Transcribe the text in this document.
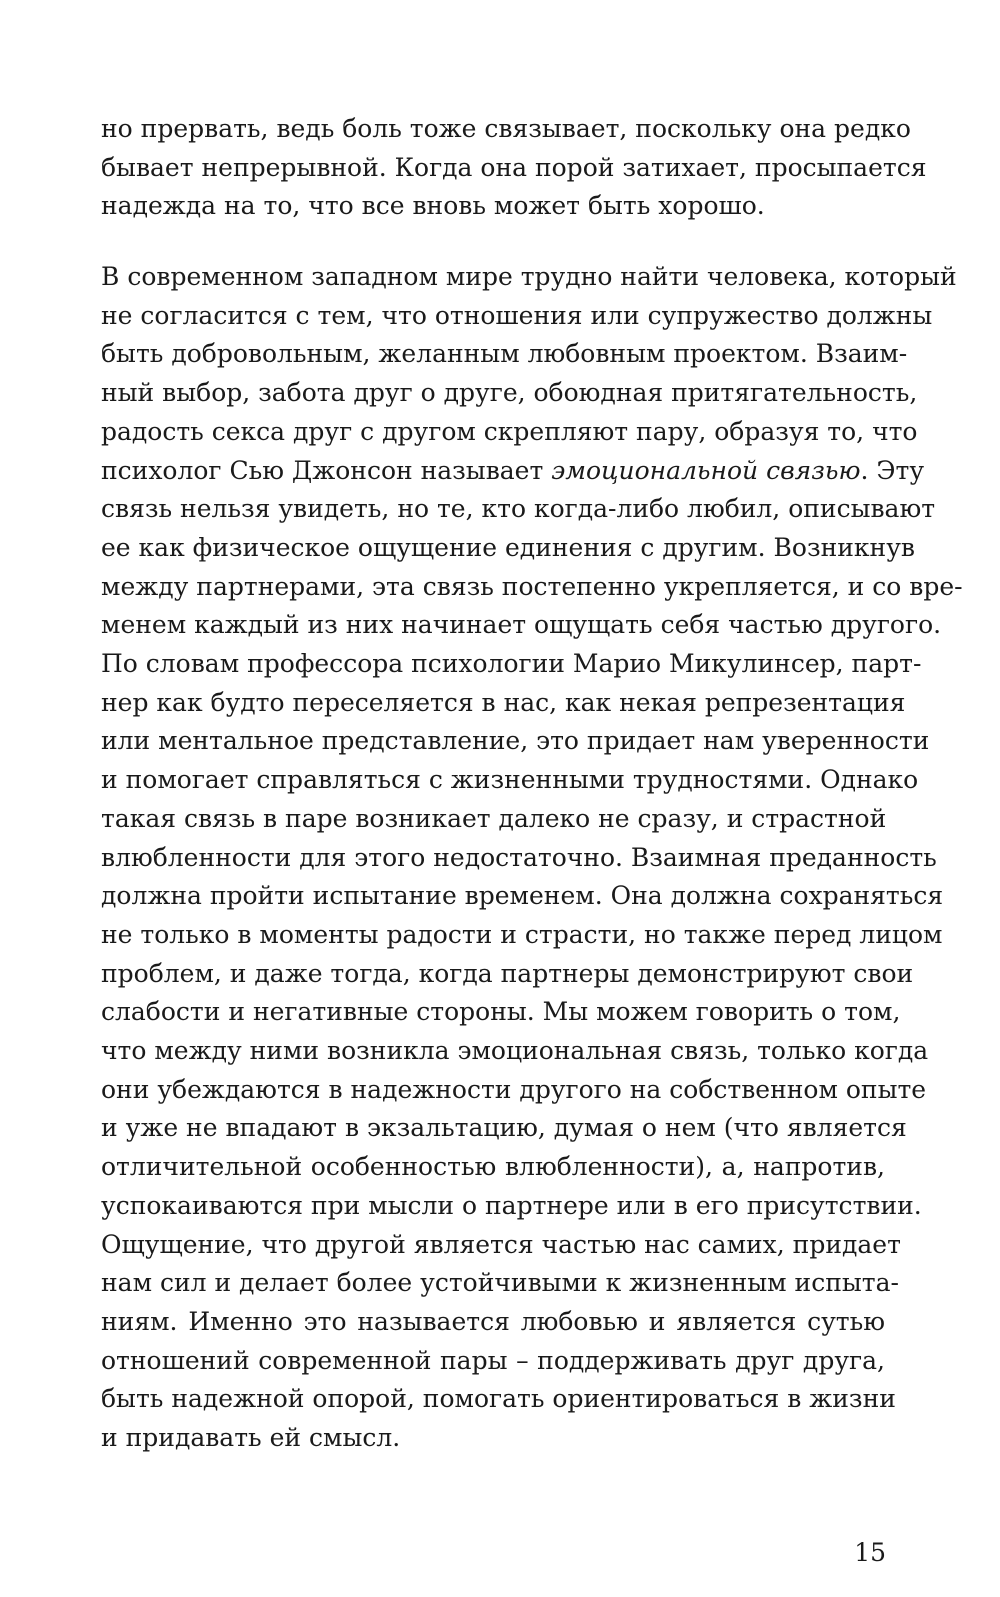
но прервать, ведь боль тоже связывает, поскольку она редко
бывает непрерывной. Когда она порой затихает, просыпается
надежда на то, что все вновь может быть хорошо.
В современном западном мире трудно найти человека, который
не согласится с тем, что отношения или супружество должны
быть добровольным, желанным любовным проектом. Взаим-
ный выбор, забота друг о друге, обоюдная притягательность,
радость секса друг с другом скрепляют пару, образуя то, что
психолог Сью Джонсон называет эмоциональной связью. Эту
связь нельзя увидеть, но те, кто когда-либо любил, описывают
ее как физическое ощущение единения с другим. Возникнув
между партнерами, эта связь постепенно укрепляется, и со вре-
менем каждый из них начинает ощущать себя частью другого.
По словам профессора психологии Марио Микулинсер, парт-
нер как будто переселяется в нас, как некая репрезентация
или ментальное представление, это придает нам уверенности
и помогает справляться с жизненными трудностями. Однако
такая связь в паре возникает далеко не сразу, и страстной
влюбленности для этого недостаточно. Взаимная преданность
должна пройти испытание временем. Она должна сохраняться
не только в моменты радости и страсти, но также перед лицом
проблем, и даже тогда, когда партнеры демонстрируют свои
слабости и негативные стороны. Мы можем говорить о том,
что между ними возникла эмоциональная связь, только когда
они убеждаются в надежности другого на собственном опыте
и уже не впадают в экзальтацию, думая о нем (что является
отличительной особенностью влюбленности), а, напротив,
успокаиваются при мысли о партнере или в его присутствии.
Ощущение, что другой является частью нас самих, придает
нам сил и делает более устойчивыми к жизненным испыта-
ниям. Именно это называется любовью и является сутью
отношений современной пары – поддерживать друг друга,
быть надежной опорой, помогать ориентироваться в жизни
и придавать ей смысл.
15
